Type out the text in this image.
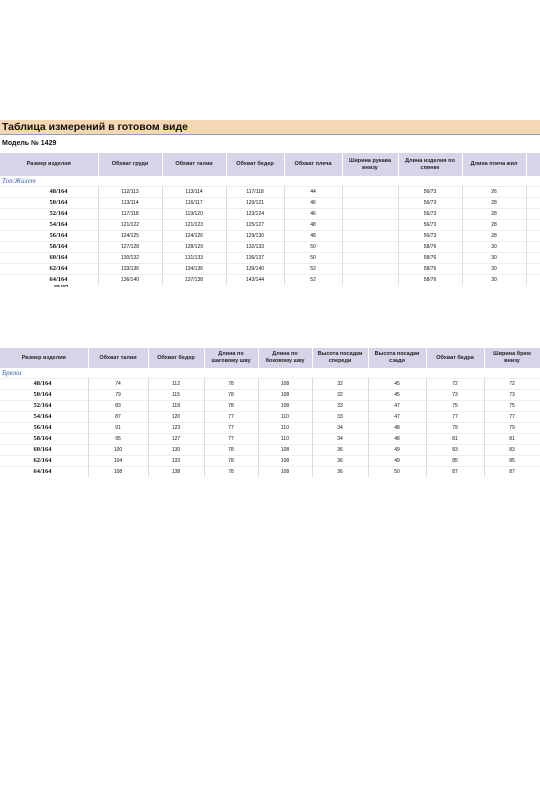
Таблица измерений в готовом виде
Модель № 1429
Размер изделия	Обхват груди	Обхват талии	Обхват бедер	Обхват плеча	Ширина рукава внизу	Длина изделия по спинке	Длина плеча жил	
Топ/Жилет								
48/164	112/113	113/114	117/118	44		56/73	26	
50/164	113/114	116/117	120/121	46		56/73	28	
52/164	117/118	119/120	123/124	46		56/73	28	
54/164	121/122	121/123	125/127	48		56/73	28	
56/164	124/125	124/126	129/130	48		56/73	28	
58/164	127/128	128/129	132/133	50		58/76	30	
60/164	130/132	131/133	136/137	50		58/76	30	
62/164	133/136	134/136	139/140	52		58/76	30	
64/164	136/140	137/138	143/144	52		58/76	30	
66/164								
Размер изделия	Обхват талии	Обхват бедер	Длина по шаговому шву	Длина по боковому шву	Высота посадки спереди	Высота посадки сзади	Обхват бедра	Ширина брюк внизу
Брюки								
48/164	74	112	78	108	32	45	72	72
50/164	79	115	78	108	32	45	73	73
52/164	83	118	78	108	33	47	75	75
54/164	87	120	77	110	33	47	77	77
56/164	91	123	77	110	34	48	79	79
58/164	95	127	77	110	34	48	81	81
60/164	100	130	78	108	36	49	83	83
62/164	104	133	78	108	36	49	85	85
64/164	108	138	78	108	36	50	87	87
